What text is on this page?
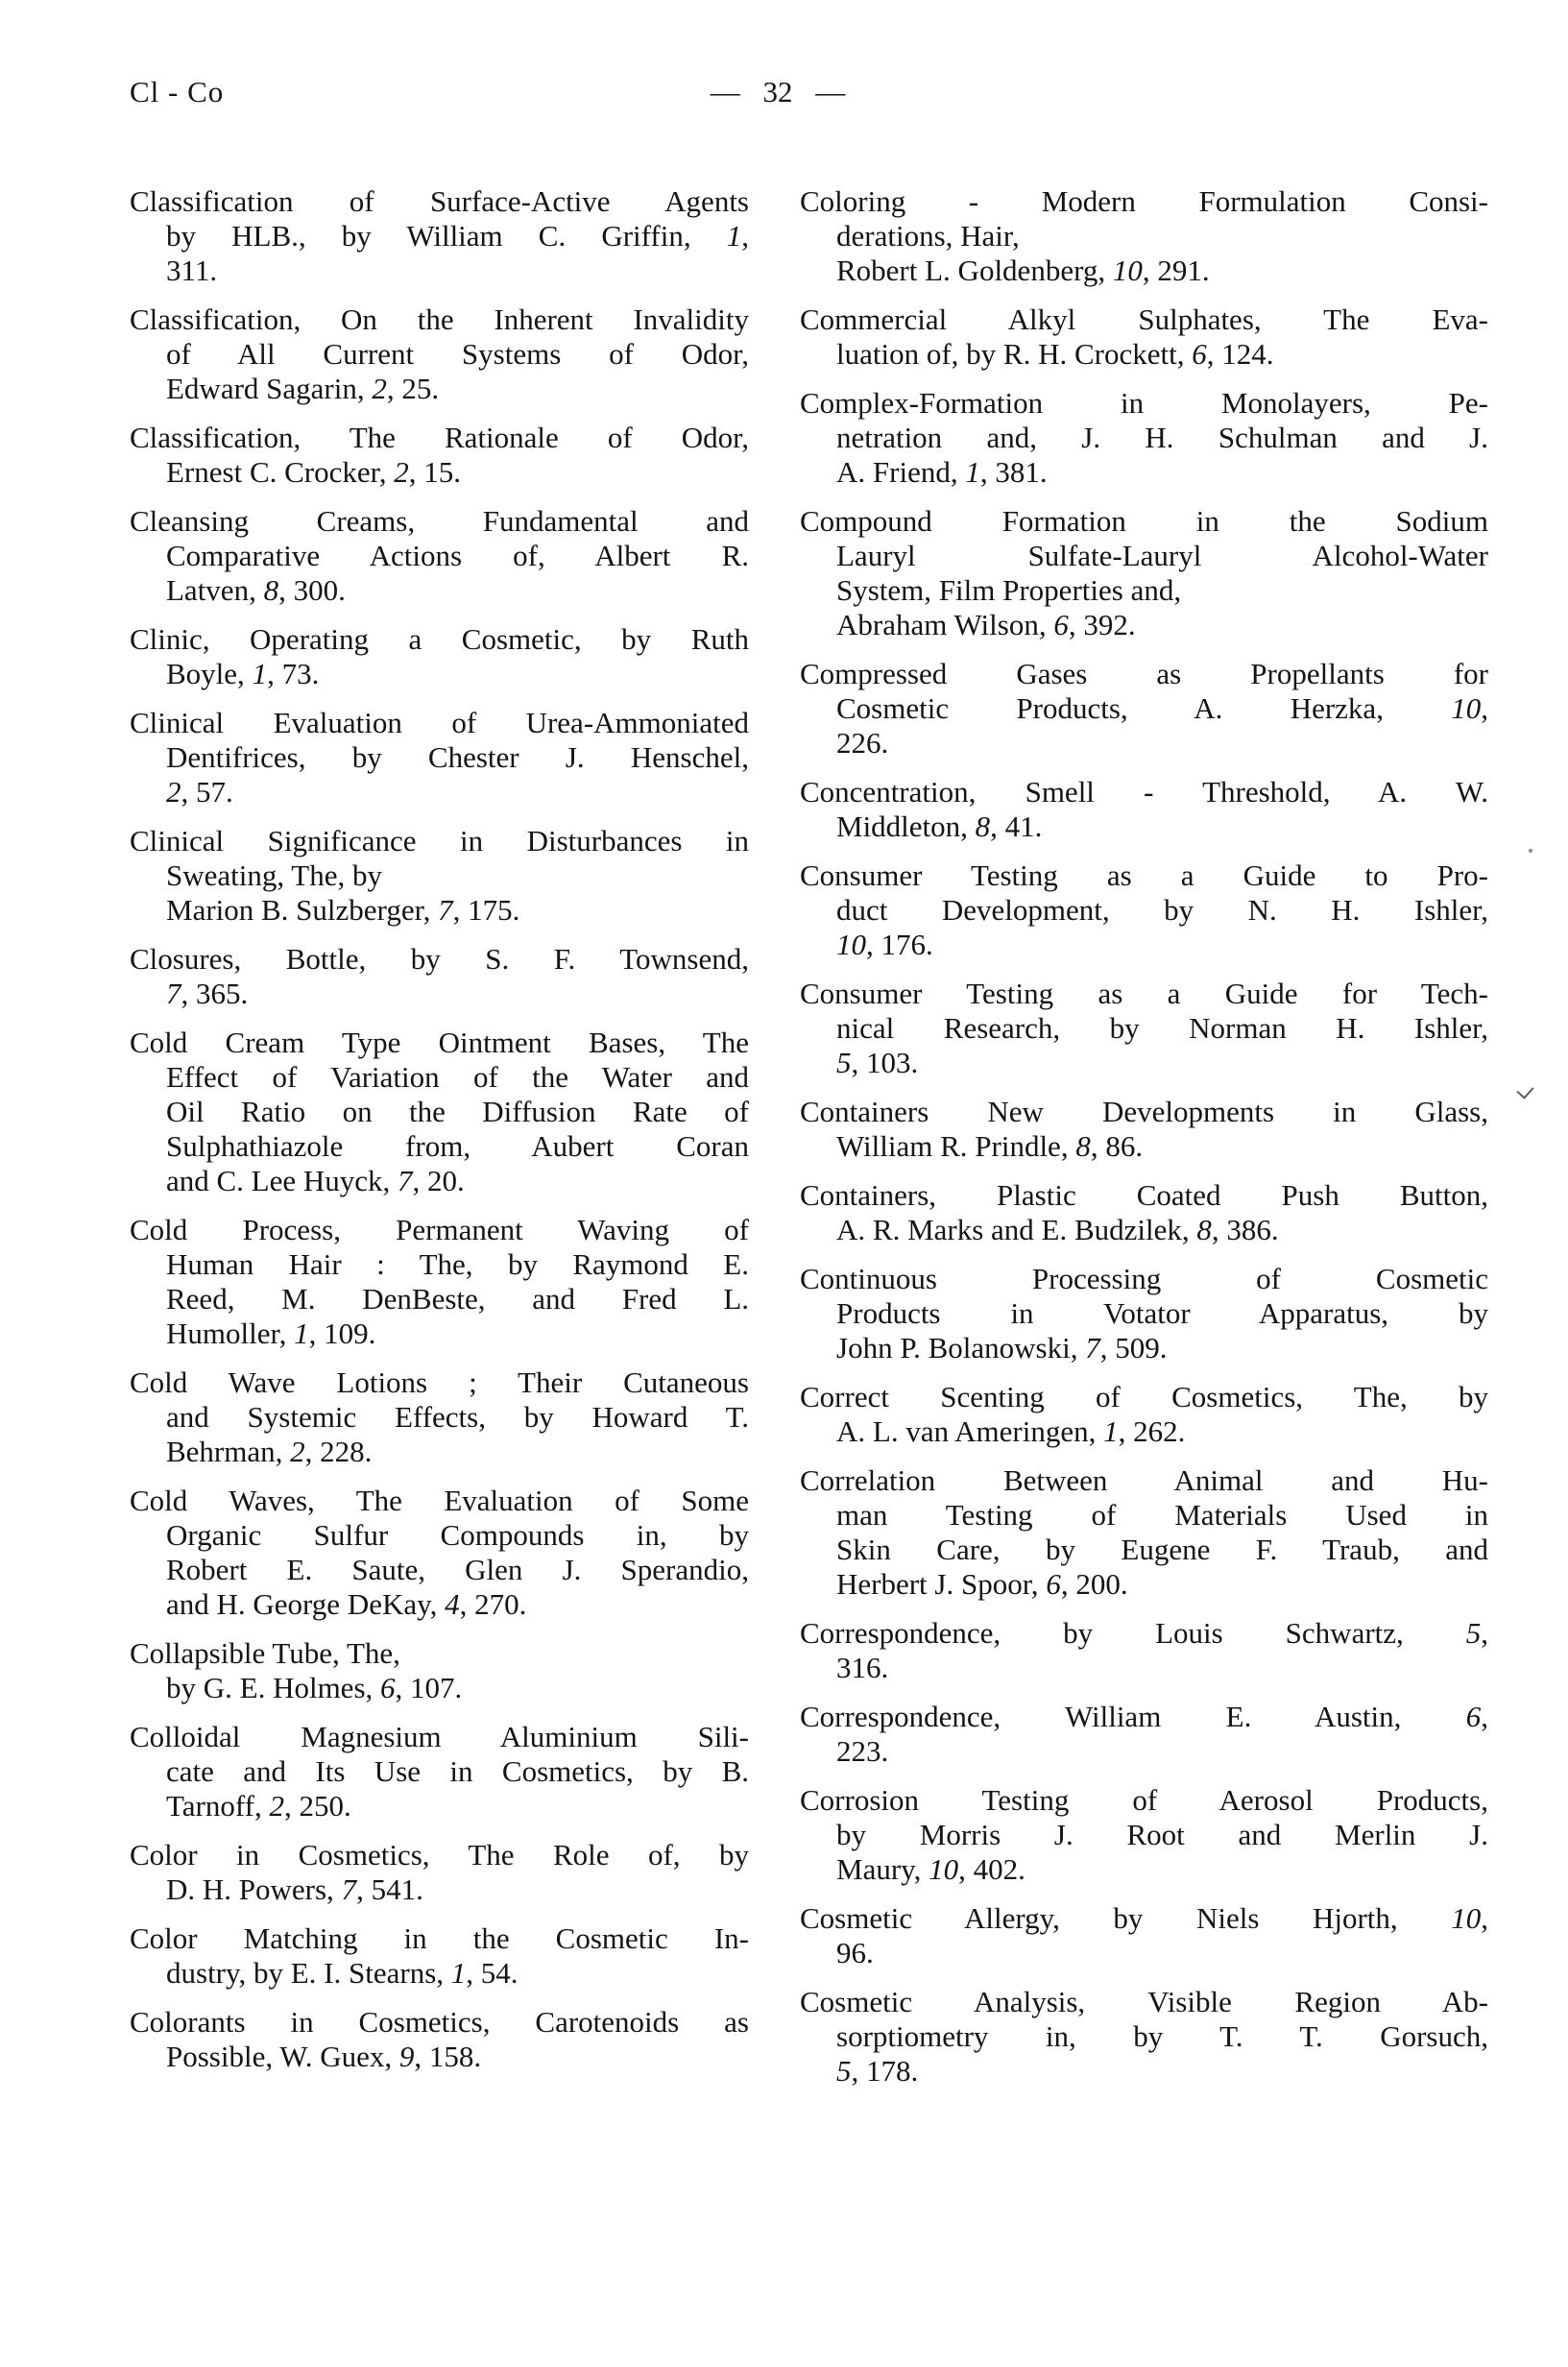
Cl - Co	— 32 —
Classification of Surface-Active Agents
by HLB., by William C. Griffin, 1,
311.
Classification, On the Inherent Invalidity
of All Current Systems of Odor,
Edward Sagarin, 2, 25.
Classification, The Rationale of Odor,
Ernest C. Crocker, 2, 15.
Cleansing Creams, Fundamental and
Comparative Actions of, Albert R.
Latven, 8, 300.
Clinic, Operating a Cosmetic, by Ruth
Boyle, 1, 73.
Clinical Evaluation of Urea-Ammoniated
Dentifrices, by Chester J. Henschel,
2, 57.
Clinical Significance in Disturbances in
Sweating, The, by
Marion B. Sulzberger, 7, 175.
Closures, Bottle, by S. F. Townsend,
7, 365.
Cold Cream Type Ointment Bases, The
Effect of Variation of the Water and
Oil Ratio on the Diffusion Rate of
Sulphathiazole from, Aubert Coran
and C. Lee Huyck, 7, 20.
Cold Process, Permanent Waving of
Human Hair : The, by Raymond E.
Reed, M. DenBeste, and Fred L.
Humoller, 1, 109.
Cold Wave Lotions ; Their Cutaneous
and Systemic Effects, by Howard T.
Behrman, 2, 228.
Cold Waves, The Evaluation of Some
Organic Sulfur Compounds in, by
Robert E. Saute, Glen J. Sperandio,
and H. George DeKay, 4, 270.
Collapsible Tube, The,
by G. E. Holmes, 6, 107.
Colloidal Magnesium Aluminium Sili-
cate and Its Use in Cosmetics, by B.
Tarnoff, 2, 250.
Color in Cosmetics, The Role of, by
D. H. Powers, 7, 541.
Color Matching in the Cosmetic In-
dustry, by E. I. Stearns, 1, 54.
Colorants in Cosmetics, Carotenoids as
Possible, W. Guex, 9, 158.
Coloring - Modern Formulation Consi-
derations, Hair,
Robert L. Goldenberg, 10, 291.
Commercial Alkyl Sulphates, The Eva-
luation of, by R. H. Crockett, 6, 124.
Complex-Formation in Monolayers, Pe-
netration and, J. H. Schulman and J.
A. Friend, 1, 381.
Compound Formation in the Sodium
Lauryl Sulfate-Lauryl Alcohol-Water
System, Film Properties and,
Abraham Wilson, 6, 392.
Compressed Gases as Propellants for
Cosmetic Products, A. Herzka, 10,
226.
Concentration, Smell - Threshold, A. W.
Middleton, 8, 41.
Consumer Testing as a Guide to Pro-
duct Development, by N. H. Ishler,
10, 176.
Consumer Testing as a Guide for Tech-
nical Research, by Norman H. Ishler,
5, 103.
Containers New Developments in Glass,
William R. Prindle, 8, 86.
Containers, Plastic Coated Push Button,
A. R. Marks and E. Budzilek, 8, 386.
Continuous Processing of Cosmetic
Products in Votator Apparatus, by
John P. Bolanowski, 7, 509.
Correct Scenting of Cosmetics, The, by
A. L. van Ameringen, 1, 262.
Correlation Between Animal and Hu-
man Testing of Materials Used in
Skin Care, by Eugene F. Traub, and
Herbert J. Spoor, 6, 200.
Correspondence, by Louis Schwartz, 5,
316.
Correspondence, William E. Austin, 6,
223.
Corrosion Testing of Aerosol Products,
by Morris J. Root and Merlin J.
Maury, 10, 402.
Cosmetic Allergy, by Niels Hjorth, 10,
96.
Cosmetic Analysis, Visible Region Ab-
sorptiometry in, by T. T. Gorsuch,
5, 178.
